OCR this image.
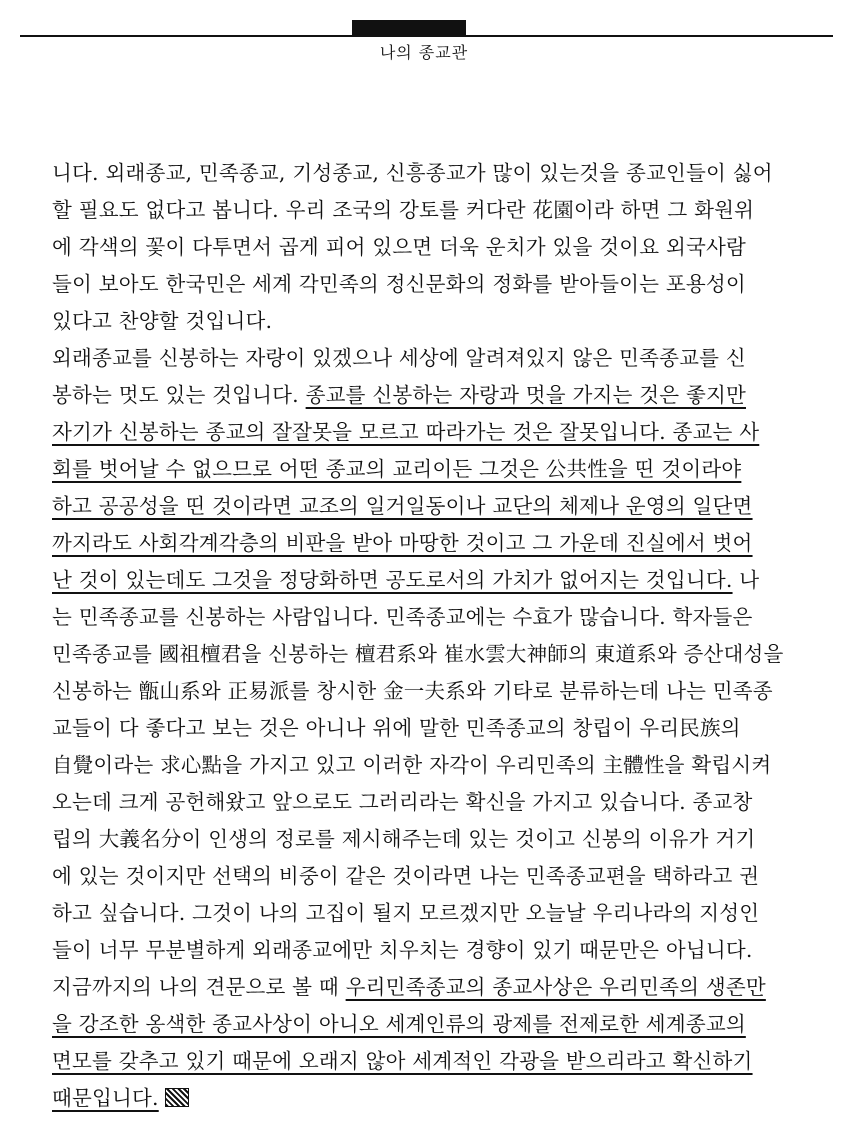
나의 종교관
니다. 외래종교, 민족종교, 기성종교, 신흥종교가 많이 있는것을 종교인들이 싫어
할 필요도 없다고 봅니다. 우리 조국의 강토를 커다란 花園이라 하면 그 화원위
에 각색의 꽃이 다투면서 곱게 피어 있으면 더욱 운치가 있을 것이요 외국사람
들이 보아도 한국민은 세계 각민족의 정신문화의 정화를 받아들이는 포용성이
있다고 찬양할 것입니다.
외래종교를 신봉하는 자랑이 있겠으나 세상에 알려져있지 않은 민족종교를 신
봉하는 멋도 있는 것입니다. 종교를 신봉하는 자랑과 멋을 가지는 것은 좋지만
자기가 신봉하는 종교의 잘잘못을 모르고 따라가는 것은 잘못입니다. 종교는 사
회를 벗어날 수 없으므로 어떤 종교의 교리이든 그것은 公共性을 띤 것이라야
하고 공공성을 띤 것이라면 교조의 일거일동이나 교단의 체제나 운영의 일단면
까지라도 사회각계각층의 비판을 받아 마땅한 것이고 그 가운데 진실에서 벗어
난 것이 있는데도 그것을 정당화하면 공도로서의 가치가 없어지는 것입니다. 나
는 민족종교를 신봉하는 사람입니다. 민족종교에는 수효가 많습니다. 학자들은
민족종교를 國祖檀君을 신봉하는 檀君系와 崔水雲大神師의 東道系와 증산대성을
신봉하는 甑山系와 正易派를 창시한 金一夫系와 기타로 분류하는데 나는 민족종
교들이 다 좋다고 보는 것은 아니나 위에 말한 민족종교의 창립이 우리民族의
自覺이라는 求心點을 가지고 있고 이러한 자각이 우리민족의 主體性을 확립시켜
오는데 크게 공헌해왔고 앞으로도 그러리라는 확신을 가지고 있습니다. 종교창
립의 大義名分이 인생의 정로를 제시해주는데 있는 것이고 신봉의 이유가 거기
에 있는 것이지만 선택의 비중이 같은 것이라면 나는 민족종교편을 택하라고 권
하고 싶습니다. 그것이 나의 고집이 될지 모르겠지만 오늘날 우리나라의 지성인
들이 너무 무분별하게 외래종교에만 치우치는 경향이 있기 때문만은 아닙니다.
지금까지의 나의 견문으로 볼 때 우리민족종교의 종교사상은 우리민족의 생존만
을 강조한 옹색한 종교사상이 아니오 세계인류의 광제를 전제로한 세계종교의
면모를 갖추고 있기 때문에 오래지 않아 세계적인 각광을 받으리라고 확신하기
때문입니다.
